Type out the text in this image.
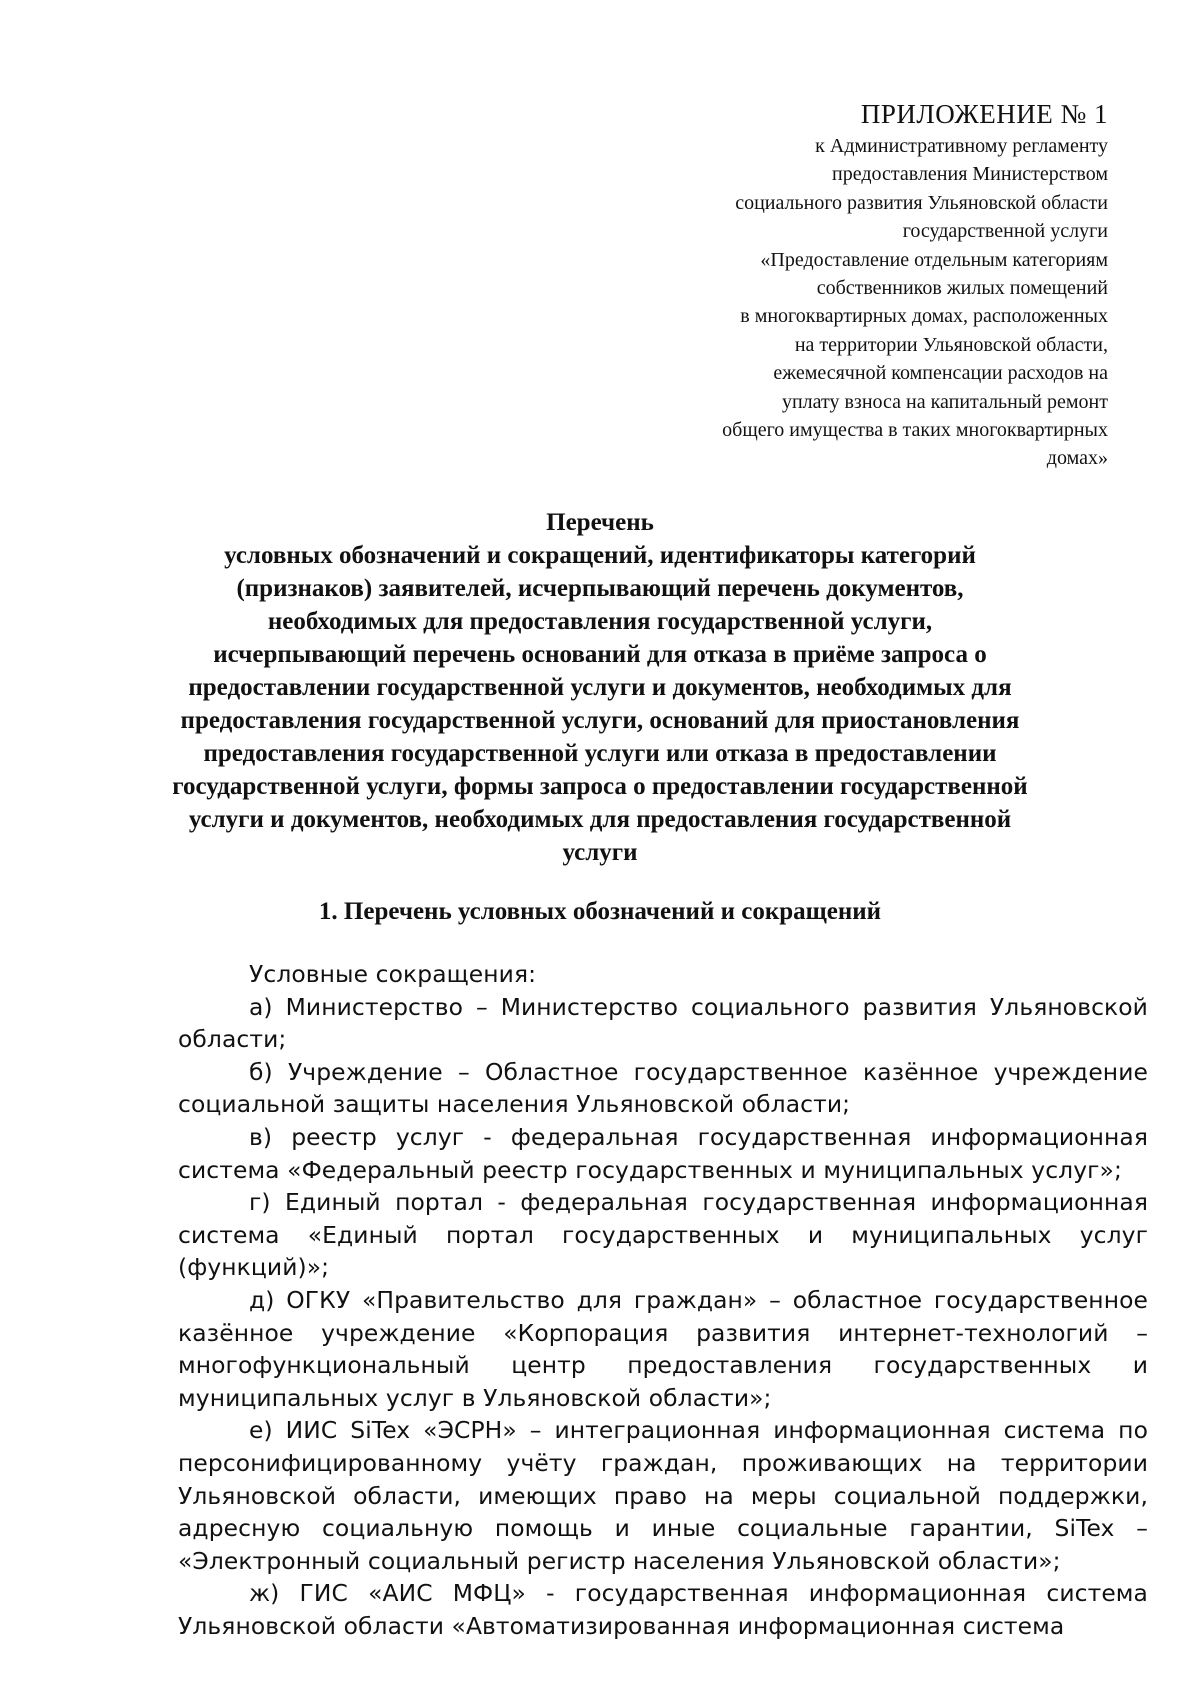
ПРИЛОЖЕНИЕ № 1
к Административному регламенту
предоставления Министерством
социального развития Ульяновской области
государственной услуги
«Предоставление отдельным категориям
собственников жилых помещений
в многоквартирных домах, расположенных
на территории Ульяновской области,
ежемесячной компенсации расходов на
уплату взноса на капитальный ремонт
общего имущества в таких многоквартирных
домах»
Перечень
условных обозначений и сокращений, идентификаторы категорий
(признаков) заявителей, исчерпывающий перечень документов,
необходимых для предоставления государственной услуги,
исчерпывающий перечень оснований для отказа в приёме запроса о
предоставлении государственной услуги и документов, необходимых для
предоставления государственной услуги, оснований для приостановления
предоставления государственной услуги или отказа в предоставлении
государственной услуги, формы запроса о предоставлении государственной
услуги и документов, необходимых для предоставления государственной
услуги
1. Перечень условных обозначений и сокращений

Условные сокращения:

а) Министерство – Министерство социального развития Ульяновской области;

б) Учреждение – Областное государственное казённое учреждение социальной защиты населения Ульяновской области;

в) реестр услуг - федеральная государственная информационная система «Федеральный реестр государственных и муниципальных услуг»;

г) Единый портал - федеральная государственная информационная система «Единый портал государственных и муниципальных услуг (функций)»;

д) ОГКУ «Правительство для граждан» – областное государственное казённое учреждение «Корпорация развития интернет-технологий – многофункциональный центр предоставления государственных и муниципальных услуг в Ульяновской области»;

е) ИИС SiTex «ЭСРН» – интеграционная информационная система по персонифицированному учёту граждан, проживающих на территории Ульяновской области, имеющих право на меры социальной поддержки, адресную социальную помощь и иные социальные гарантии, SiTex – «Электронный социальный регистр населения Ульяновской области»;

ж) ГИС «АИС МФЦ» - государственная информационная система Ульяновской области «Автоматизированная информационная система
